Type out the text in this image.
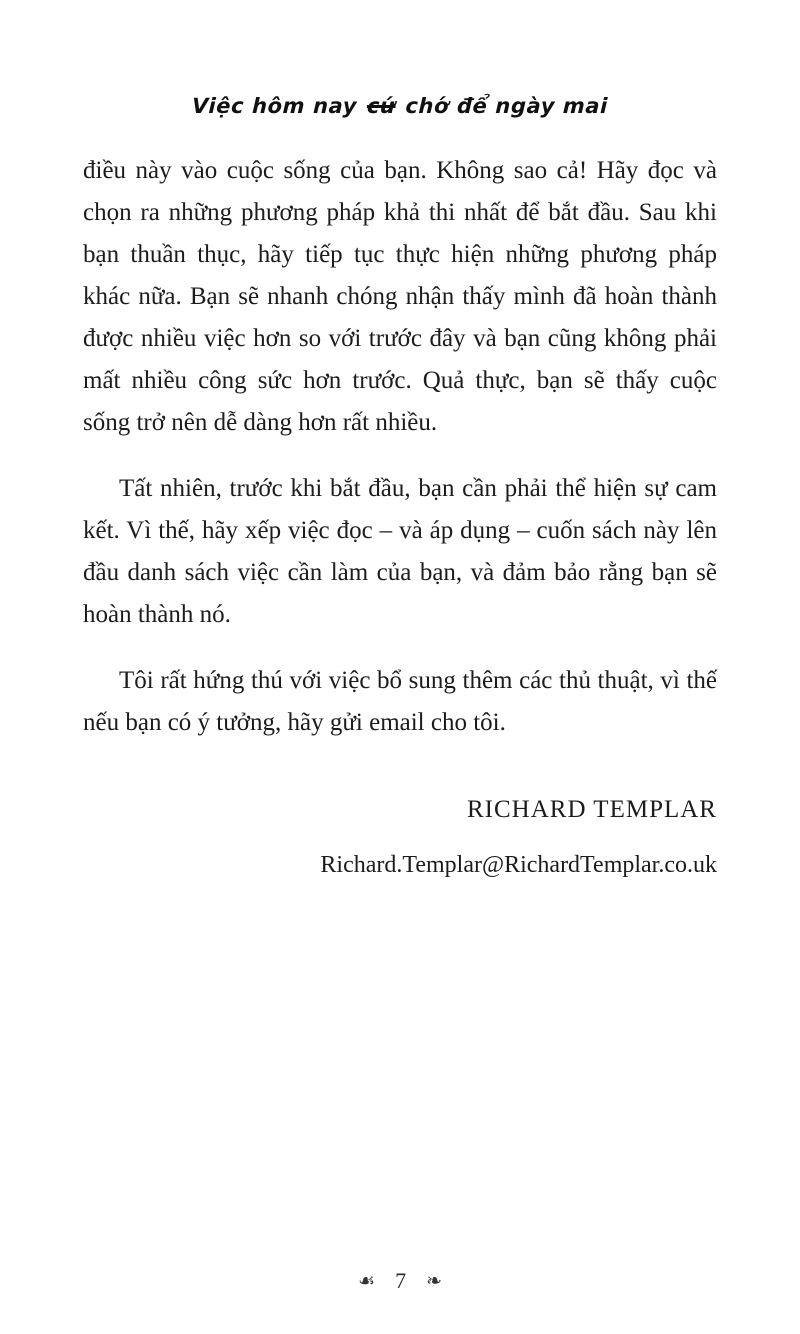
Việc hôm nay cứ chớ để ngày mai

điều này vào cuộc sống của bạn. Không sao cả! Hãy đọc và chọn ra những phương pháp khả thi nhất để bắt đầu. Sau khi bạn thuần thục, hãy tiếp tục thực hiện những phương pháp khác nữa. Bạn sẽ nhanh chóng nhận thấy mình đã hoàn thành được nhiều việc hơn so với trước đây và bạn cũng không phải mất nhiều công sức hơn trước. Quả thực, bạn sẽ thấy cuộc sống trở nên dễ dàng hơn rất nhiều.

Tất nhiên, trước khi bắt đầu, bạn cần phải thể hiện sự cam kết. Vì thế, hãy xếp việc đọc – và áp dụng – cuốn sách này lên đầu danh sách việc cần làm của bạn, và đảm bảo rằng bạn sẽ hoàn thành nó.

Tôi rất hứng thú với việc bổ sung thêm các thủ thuật, vì thế nếu bạn có ý tưởng, hãy gửi email cho tôi.

RICHARD TEMPLAR
Richard.Templar@RichardTemplar.co.uk
☙ 7 ❧
